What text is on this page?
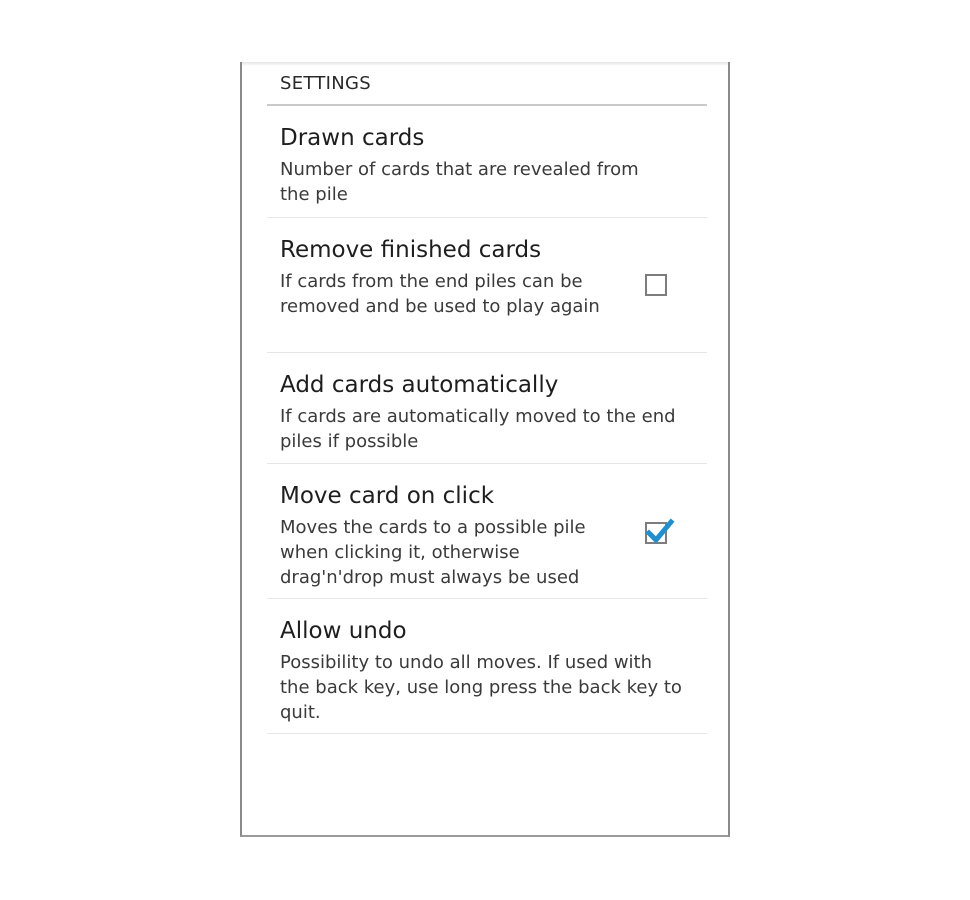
SETTINGS
Drawn cards
Number of cards that are revealed from the pile
Remove finished cards
If cards from the end piles can be removed and be used to play again
Add cards automatically
If cards are automatically moved to the end piles if possible
Move card on click
Moves the cards to a possible pile when clicking it, otherwise drag'n'drop must always be used
Allow undo
Possibility to undo all moves. If used with the back key, use long press the back key to quit.
